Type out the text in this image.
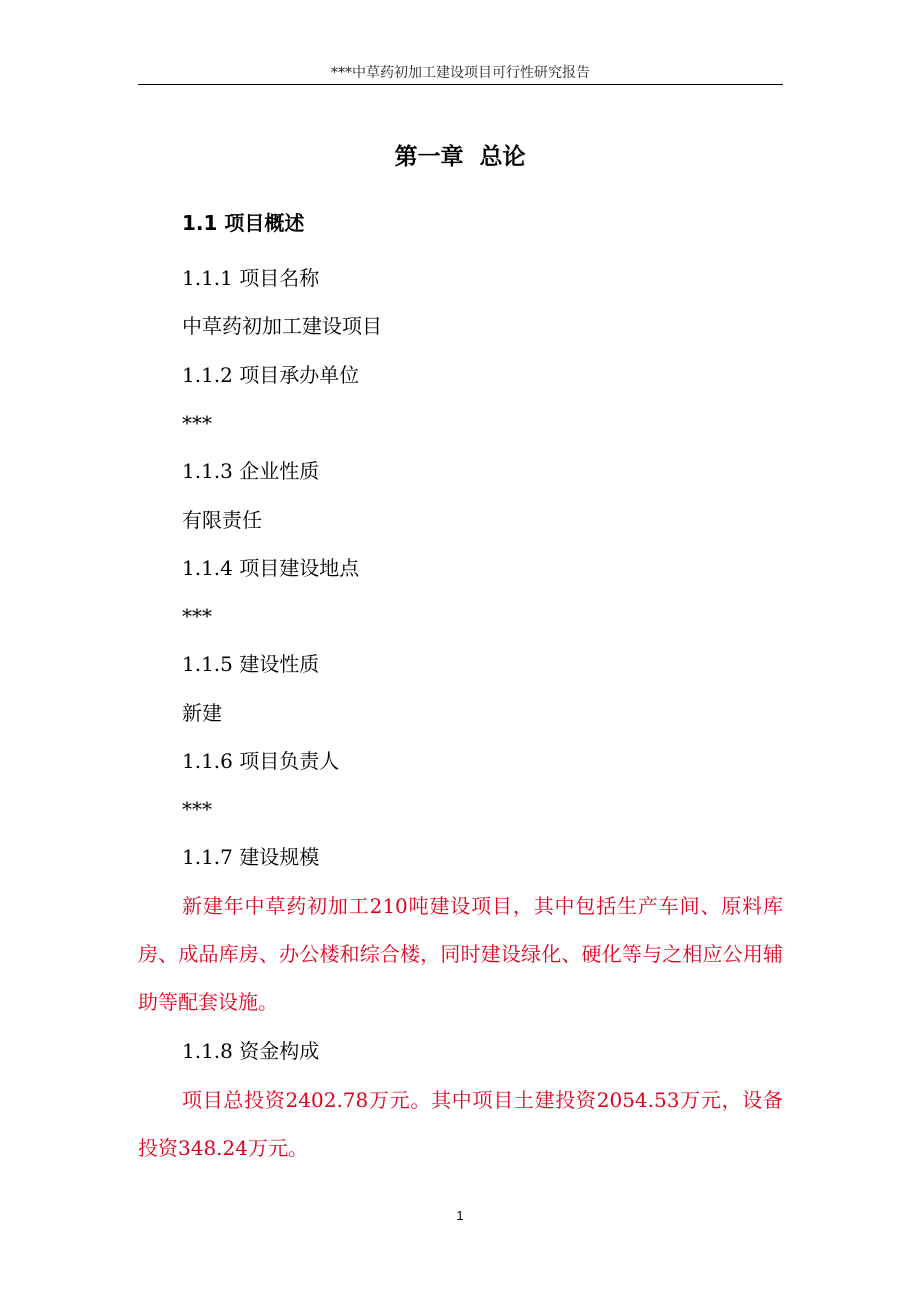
***中草药初加工建设项目可行性研究报告
第一章  总论
1.1 项目概述
1.1.1 项目名称
中草药初加工建设项目
1.1.2 项目承办单位
***
1.1.3 企业性质
有限责任
1.1.4 项目建设地点
***
1.1.5 建设性质
新建
1.1.6 项目负责人
***
1.1.7 建设规模
新建年中草药初加工210吨建设项目，其中包括生产车间、原料库房、成品库房、办公楼和综合楼，同时建设绿化、硬化等与之相应公用辅助等配套设施。
1.1.8 资金构成
项目总投资2402.78万元。其中项目土建投资2054.53万元，设备投资348.24万元。
1
